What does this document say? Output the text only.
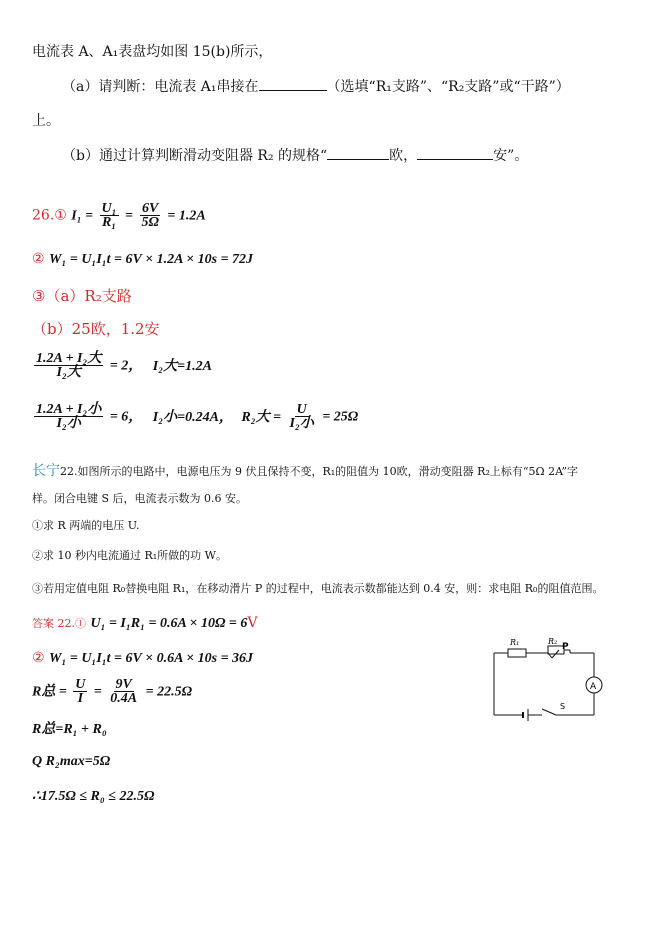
电流表 A、A₁表盘均如图 15(b)所示，
（a）请判断：电流表 A₁串接在	（选填“R₁支路”、“R₂支路”或“干路”）
上。
（b）通过计算判断滑动变阻器 R₂ 的规格“	欧，	安”。
26.① $I_1 = \frac{\text{U₁}}{\text{R₁}} = \frac{6V}{5\Omega} = 1.2A$
② W₁ = U₁I₁t = 6V × 1.2A × 10s = 72J
③（a）R₂支路
（b）25欧，1.2安
$\frac{\text{1.2A + I₂大}}{\text{I₂大}} = 2$， I₂大=1.2A
$\frac{\text{1.2A + I₂小}}{\text{I₂小}} = 6$， I₂小=0.24A， R₂大 = $\frac{U}{\text{I₂小}} = 25\Omega$
长宁22.如图所示的电路中，电源电压为 9 伏且保持不变，R₁的阻值为 10欧，滑动变阻器 R₂上标有“5Ω 2A”字
样。闭合电键 S 后，电流表示数为 0.6 安。
①求 R 两端的电压 U.
②求 10 秒内电流通过 R₁所做的功 W。
③若用定值电阻 R₀替换电阻 R₁，在移动滑片 P 的过程中，电流表示数都能达到 0.4 安，则：求电阻 R₀的阻值范围。
答案 22.① U₁ = I₁R₁ = 0.6A × 10Ω = 6V
② W₁ = U₁I₁t = 6V × 0.6A × 10s = 36J
R总 = $\frac{U}{I} = \frac{9V}{0.4A} = 22.5\Omega$
R总=R₁ + R₀
Q R₂max=5Ω
∴17.5Ω ≤ R₀ ≤ 22.5Ω
R₁	R₂
P
A
S
